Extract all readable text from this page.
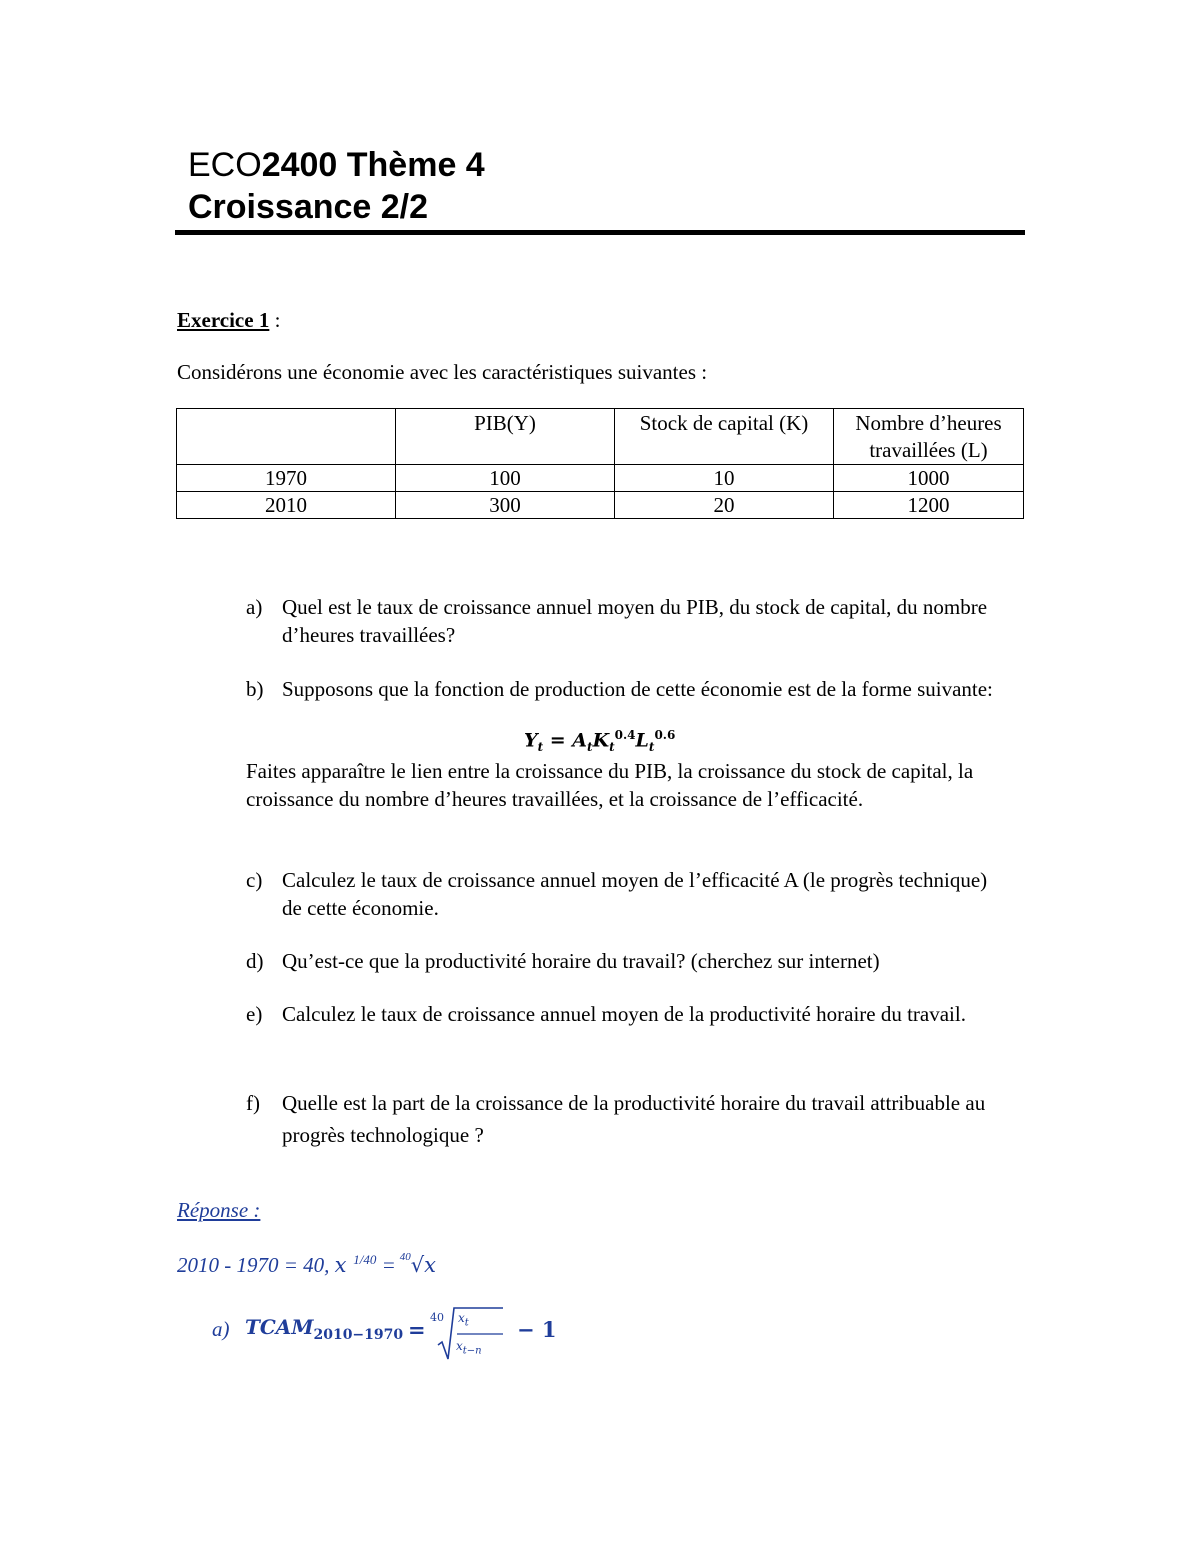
ECO2400 Thème 4
Croissance 2/2
Exercice 1 :
Considérons une économie avec les caractéristiques suivantes :
	PIB(Y)	Stock de capital (K)	Nombre d’heures travaillées (L)
1970	100	10	1000
2010	300	20	1200
a) Quel est le taux de croissance annuel moyen du PIB, du stock de capital, du nombre d’heures travaillées?
b) Supposons que la fonction de production de cette économie est de la forme suivante:
$Y_t = A_tK_t^{0.4}L_t^{0.6}$
Faites apparaître le lien entre la croissance du PIB, la croissance du stock de capital, la croissance du nombre d’heures travaillées, et la croissance de l’efficacité.
c) Calculez le taux de croissance annuel moyen de l’efficacité A (le progrès technique) de cette économie.
d) Qu’est-ce que la productivité horaire du travail? (cherchez sur internet)
e) Calculez le taux de croissance annuel moyen de la productivité horaire du travail.
f) Quelle est la part de la croissance de la productivité horaire du travail attribuable au progrès technologique ?
Réponse :
2010 - 1970 = 40, x $^{1/40}$ = $^{40}$√x
a) $TCAM_{2010-1970} = 40$ $x_t$
$x_{t-n}$
− 1
